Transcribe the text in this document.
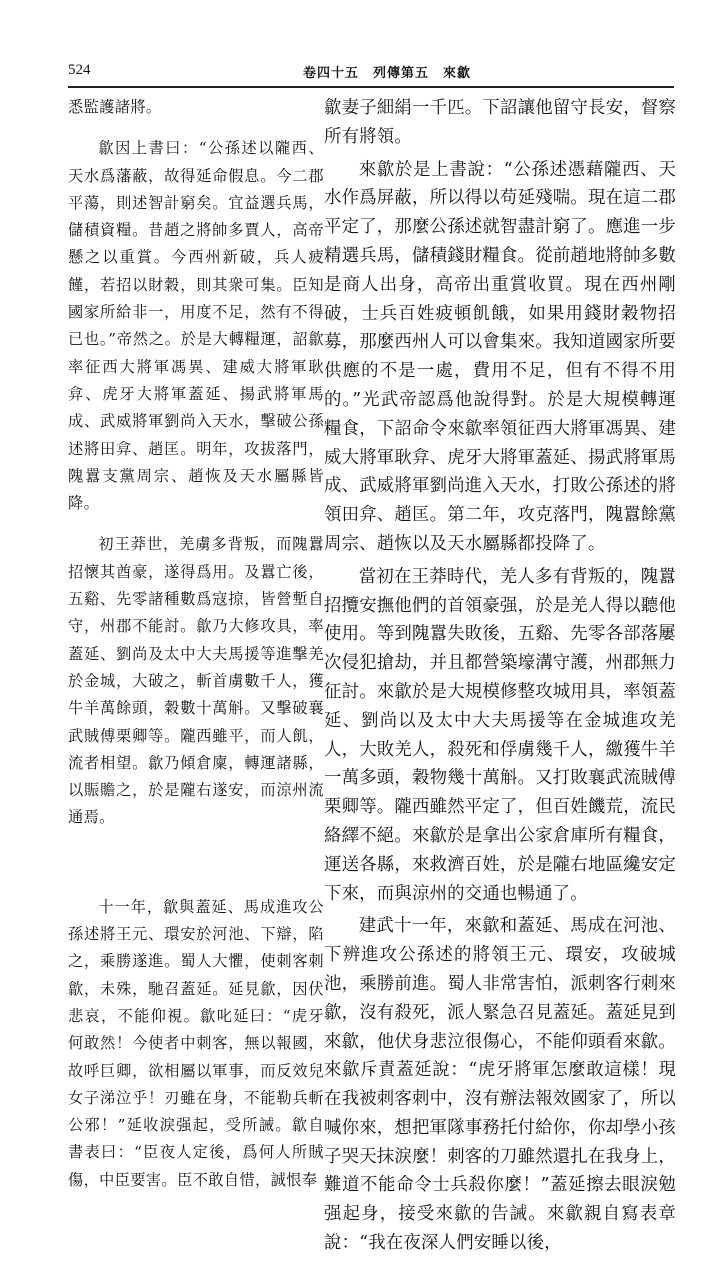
524	卷四十五　列傳第五　來歙

悉監護諸將。

歙因上書曰：“公孫述以隴西、天水爲藩蔽，故得延命假息。今二郡平蕩，則述智計窮矣。宜益選兵馬，儲積資糧。昔趙之將帥多賈人，高帝懸之以重賞。今西州新破，兵人疲饉，若招以財穀，則其衆可集。臣知國家所給非一，用度不足，然有不得已也。”帝然之。於是大轉糧運，詔歙率征西大將軍馮異、建威大將軍耿弇、虎牙大將軍蓋延、揚武將軍馬成、武威將軍劉尚入天水，擊破公孫述將田弇、趙匡。明年，攻拔落門，隗囂支黨周宗、趙恢及天水屬縣皆降。

初王莽世，羌虜多背叛，而隗囂招懷其酋豪，遂得爲用。及囂亡後，五谿、先零諸種數爲寇掠，皆營塹自守，州郡不能討。歙乃大修攻具，率蓋延、劉尚及太中大夫馬援等進擊羌於金城，大破之，斬首虜數千人，獲牛羊萬餘頭，穀數十萬斛。又擊破襄武賊傅栗卿等。隴西雖平，而人飢，流者相望。歙乃傾倉廩，轉運諸縣，以賑贍之，於是隴右遂安，而涼州流通焉。

十一年，歙與蓋延、馬成進攻公孫述將王元、環安於河池、下辯，陷之，乘勝遂進。蜀人大懼，使刺客刺歙，未殊，馳召蓋延。延見歙，因伏悲哀，不能仰視。歙叱延曰：“虎牙何敢然！今使者中刺客，無以報國，故呼巨卿，欲相屬以軍事，而反效兒女子涕泣乎！刃雖在身，不能勒兵斬公邪！”延收淚强起，受所誡。歙自書表曰：“臣夜人定後，爲何人所賊傷，中臣要害。臣不敢自惜，誠恨奉

歙妻子細絹一千匹。下詔讓他留守長安，督察所有將領。

來歙於是上書說：“公孫述憑藉隴西、天水作爲屏蔽，所以得以苟延殘喘。現在這二郡平定了，那麼公孫述就智盡計窮了。應進一步精選兵馬，儲積錢財糧食。從前趙地將帥多數是商人出身，高帝出重賞收買。現在西州剛破，士兵百姓疲頓飢餓，如果用錢財穀物招募，那麼西州人可以會集來。我知道國家所要供應的不是一處，費用不足，但有不得不用的。”光武帝認爲他說得對。於是大規模轉運糧食，下詔命令來歙率領征西大將軍馮異、建威大將軍耿弇、虎牙大將軍蓋延、揚武將軍馬成、武威將軍劉尚進入天水，打敗公孫述的將領田弇、趙匡。第二年，攻克落門，隗囂餘黨周宗、趙恢以及天水屬縣都投降了。

當初在王莽時代，羌人多有背叛的，隗囂招攬安撫他們的首領豪强，於是羌人得以聽他使用。等到隗囂失敗後，五谿、先零各部落屢次侵犯搶劫，并且都營築壕溝守護，州郡無力征討。來歙於是大規模修整攻城用具，率領蓋延、劉尚以及太中大夫馬援等在金城進攻羌人，大敗羌人，殺死和俘虜幾千人，繳獲牛羊一萬多頭，穀物幾十萬斛。又打敗襄武流賊傅栗卿等。隴西雖然平定了，但百姓饑荒，流民絡繹不絕。來歙於是拿出公家倉庫所有糧食，運送各縣，來救濟百姓，於是隴右地區纔安定下來，而與涼州的交通也暢通了。

建武十一年，來歙和蓋延、馬成在河池、下辨進攻公孫述的將領王元、環安，攻破城池，乘勝前進。蜀人非常害怕，派刺客行刺來歙，沒有殺死，派人緊急召見蓋延。蓋延見到來歙，他伏身悲泣很傷心，不能仰頭看來歙。來歙斥責蓋延說：“虎牙將軍怎麼敢這樣！現在我被刺客刺中，沒有辦法報效國家了，所以喊你來，想把軍隊事務托付給你，你却學小孩子哭天抹淚麼！刺客的刀雖然還扎在我身上，難道不能命令士兵殺你麼！”蓋延擦去眼淚勉强起身，接受來歙的告誡。來歙親自寫表章說：“我在夜深人們安睡以後，
